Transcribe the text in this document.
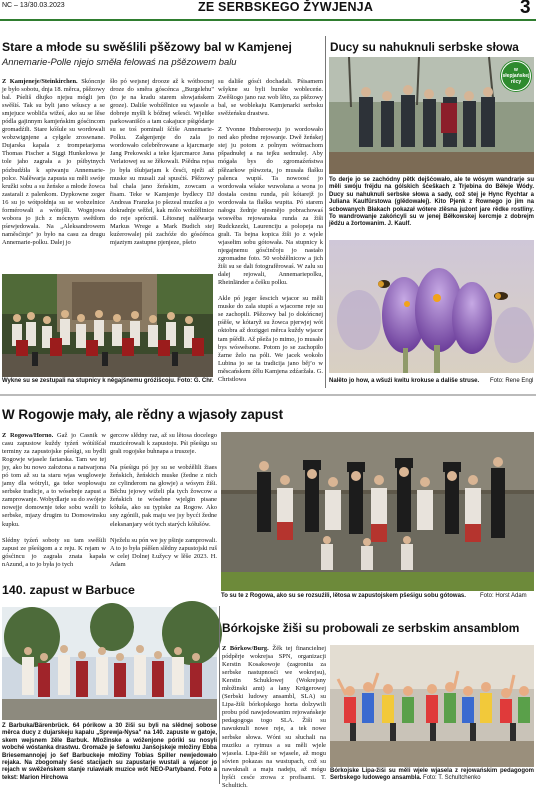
NC – 13/30.03.2023	ZE SERBSKEGO ŽYWJENJA	3
Stare a młode su swěślili pšězowy bal w Kamjenej
Annemarie-Polle njejo směła felowaś na pšězowem balu
Z Kamjeneje/Steinkirchen. Skóncnje je było sobotu, dnja 18. měrca, pšězowy bal. Pśeliš dłujko njejsu mógli jen swěšiś. Tak su byli jano wšuscy a se smjejuce wobliča wižeś, ako su se lěse pódla gajinnym kamjeńskim gósćincom gromadźili. Stare kóšule su wordowali wobzwignjene a cyłgele zroswnane. Dujarska kapala z trompetarjoma Thomas Fischer a Siggi Hunkelowa je tole jaho zagrała a jo pśibytnych pózbudźiła k spiwanju Annemarie-polce. Nalěwarja zapusta su měli swóje kružki sobu a su žeńske a młode žowca zastarali z palenkom. Dypkowne zeger 16 su jo wótpołdnja su se wobzelnice formérowali a wótejšli. Wognjowa wobora jo jich z mócnym swětłom pśewjedowała. Na „Aleksandrowem naměsćinje" jo było na casu za drugu Annemarie-polku. Dalej jo
šło pó wejsnej drooze až k wótbocnej droze do směra góscénca „Burgelehu" (to je na kradu starem słowjańskem groze). Dališe wobźělnice su wjasole a dobreje myšli k bóžnej wšesći. Wjelike parkowanišćo a tam cakajuce pśigódarje su se toś pominali šćiše Annemarie-Polku. Załgenjenje do zala jo wordowało celebrěrowane a kjarcmarje Jang Prekowski a teke kjarcmarce Jana Verlatowej su se žěkowali. Pśědna rejsa jo była tšubjarjam k česći, nježi až muske su musali zał spusćiś. Pšězowy bal chala jano žeńskim, zowcam a řisam. Teke w Kamjenje bydlecy DJ Andreas Franzka jo pšezeal muziku a jo dokradnje wěžel, kak mólo wobźěltnice do reje sprócniš. Lětosnej nalěwarja Markus Wrege a Mark Budich stej kuźerowalej pśi zachóźe do gósćénca mjaztym zastupne pjenjeze, pšeto
su dališe gósći dochadali. Pśisamem wšykne su byli burske wobleceńe. Zwěšiogo jano raz wob lěto, za pšězowy bal, se woblekaju Kamjenarki serbsku swěźeńsku drastwu.

Z Yvonne Huberoweju jo wordowało ned ako předne rejowanje. Dwě žeńskej stej ju potom z polnym wótmachom pšpadnułej a na tejku sedmulej. Aby mógała bys do zgromaźeństwa pšězarkow pśiwzeta, jo musała fłašku palenca wupiś. Ta nowoosć jo wordowała wšake wuwołana a wona jo dostała cestnu runda, pśi kótarejž jo wordowała ta fłaška wupita. Pó starem nałogu žednje njesmějo pobrachowaś woswěba rejowanska runda za žiši Rudckzezki, Laurenciju a polopeja na grali. Ta bejna kopica žiši jo z wjele wjasełim sobu gótowała. Na stupnicy k njegajnemu gósćinčoju jo nastało zgromadne foto. 50 wobźělnicow a jich žiši su se dali fotografěrowaś. W zalu su dalej rejowali, Annemariepolku, Rheinländer a češku polku.

Akle pó jeger šescich wjacor su měli muske do zala stupiś a wjacorne reje su se zachopili. Pšězowy bal jo dokóńcnej pśěše, w kótaryž su žowca pjerwjej wót oktobra až doziggei měrca kuždy wjacor tam pśědli. Až pšeža jo mimo, jo musało bys wóswěsone. Potom jo se zachopiło žarne želo na póli. We jacek wokoło Lubina jo se ta tradicija jano běj’o w měscańskem źělu Kamjena zdźaržała. G. Christlowa
Wykne su se zestupali na stupnicy k něgajšnemu gróźišcoju. Foto: G. Chr.
Ducy su nahuknuli serbske słowa
w słepjańskej rěcy
To derje jo se zachódny pětk dejšćowało, ale te wósym wandrarje su měli swóju fréjdu na gólskich šćeškach z Trjebina do Běłeje Wódy. Ducy su nahuknuli serbske słowa a sady, což stej je Hync Rychtar a Juliana Kaulfürstowa (glědowałej). Kito Pjenk z Rownego jo jim na scbowanych Błakach pokazał wótere zlěsna jużont jare rědke rostliny. To wandrowanje zakóńcyli su w jenej Běłkowskej kercmje z dobrejm jědźu a žortowanim. J. Kaulf.
Nalěto jo how, a wšuźi kwitu krokuse a dališe struse. Foto: Rene Engl
W Rogowje mały, ale rědny a wjasoły zapust
Z Rogowa/Horno. Gaž jo Casnik w casu zapustow kuždy tyźeń wótśišćał terminy za zapustojske pśeśigi, su bydli Rogowje wjasele fariarska. Tam we tej jsy, ako bu nowo założona a natwarjona pó tom až su ta staru wjas wugloweje jamy dla wótryli, ga teke wopłowaju serbske tradicje, a to wósebnje zapust a zamprowanje. Wobydlarje su do swójeje nowejje domownje teke sobu wzéli to serbske, mjazy drugim tu Domowinsku kupku.

Slédny tyźeń soboty su tam swěšili zapust ze pšeśigom a z reju. K rejam w gósćincu jo zagrała znata kapała nAzund, a to jo była jo tych
gercow slědny raz, až su lětosa docelego muzicérowali k zapustoju. Pśi pšeśigu su grali rogojske buhnapa a truszeje.

Na pśeśigu pó jsy su se wobźělili žiaes žeńskich, žeńskich muske (žedne z nich ze cylinderom na głowje) a wósym žiši. Běchu jejowy wiželi pla tych žowcow a žeńskich te wósebne wjelgin pisane kółuša, ako su typiske za Rogow. Ako sny zgónili, pak maju we jsy bycći žedne eleksnanjary wót tych starých kółušów.

Nježelu su pón we jsy pšinje zamprowali. A to jo była pśěšen slědny zapustojski ruš w celej Dolnej Łužycy w lěše 2023. H. Adam
To su te z Rogowa, ako su se rozsuźili, lětosa w zapustojskem pšeśigu sobu gótowas.	Foto: Horst Adam
140. zapust w Barbuce
Z Barbuka/Bärenbrück. 64 pórikow a 30 žiši su byli na slědnej sobose měrca ducy z dujarskeju kapalu „Sprewja-Nysa" na 140. zapuste w gatoje, skem wejsnem žěle Barbuk. Mložinske a wóženjone póriki su nosyli wobché wóstanka drastwu. Gromaže je šefowku Janšojskeje młožiny Ebba Briesemannojej jo šef Barbuckeje młožiny Tobias Spiller newjedowało rejaka. Na zbogomaly šesć stacijach su zapustarje wustali a wjacor jo rejach w swěźeńskem stanje ruiawiałk muzice wót NEO-Partyband. Foto a tekst: Marion Hirchowa
Bórkojske žiši su probowali ze serbskim ansamblom
Z Bórkow/Burg. Žěk tej financielnej pódpěrje wokrejsa SPN, organizacji Kerstin Kosakowoje (zagronita za serbske nastupnosći we wokrejsu), Kerstin Schuklowej (Wokrejsny młožinski amt) a łany Krügerowej (Serbski ludowy ansambl, SLA) su Lipa-žiši bórkojskego horta dolzywili probu pód nawjedowanim rejowańskeje pedagogoga togo SLA. Žiši su nawuknuli nowe reje, a tek nowe serbske słowa. Wóni su słuchali na muziku a rytmus a su měli wjele wjasela. Lipa-žiši se wjasele, až mogu sóvien pokazas na wustupach, což su nawuknali a maju nadeju, až mógu hyšći cesće zrowa z profisami. T. Schultich.
Bórkojske Lipa-žiši su měli wjele wjasela z rejowańskim pedagogom Serbskego ludowego ansambla. Foto: T. Schultchenko
